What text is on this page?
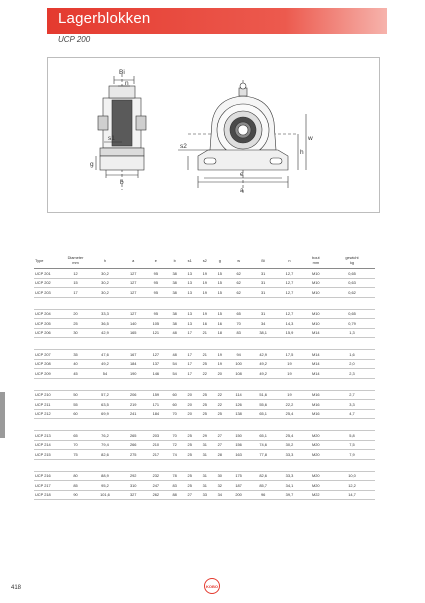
Lagerblokken
UCP 200
Bi
n
s1
g
b
s2
h
w
e
a
Type	Diameter
mm	h	a	e	b	s1	s2	g	w	Bi	n	bout
mm	gewicht
kg
UCP 201	12	30,2	127	95	38	13	19	15	62	31	12,7	M10	0,65
UCP 202	15	30,2	127	95	38	13	19	15	62	31	12,7	M10	0,63
UCP 203	17	30,2	127	95	38	13	19	15	62	31	12,7	M10	0,62

UCP 204	20	33,3	127	95	38	13	19	15	65	31	12,7	M10	0,65
UCP 205	25	36,5	140	105	38	13	16	16	70	34	14,3	M10	0,79
UCP 206	30	42,9	165	121	48	17	21	18	83	38,1	15,9	M14	1,3

UCP 207	35	47,6	167	127	48	17	21	19	94	42,9	17,5	M14	1,6
UCP 208	40	49,2	184	137	54	17	25	19	100	49,2	19	M14	2,0
UCP 209	45	54	190	146	54	17	22	20	108	49,2	19	M14	2,3

UCP 210	50	57,2	206	159	60	20	25	22	114	51,6	19	M16	2,7
UCP 211	55	63,5	219	171	60	20	25	22	126	55,6	22,2	M16	3,3
UCP 212	60	69,9	241	184	70	20	25	25	138	65,1	25,4	M16	4,7

UCP 213	65	76,2	265	203	70	25	29	27	150	65,1	25,4	M20	5,8
UCP 214	70	79,4	266	210	72	25	31	27	156	74,6	30,2	M20	7,5
UCP 215	75	82,6	275	217	74	25	31	28	163	77,8	33,3	M20	7,9

UCP 216	80	88,9	292	232	78	25	31	30	175	82,6	33,3	M20	10,0
UCP 217	85	95,2	310	247	83	25	31	32	187	85,7	34,1	M20	12,2
UCP 218	90	101,6	327	262	88	27	33	34	200	96	39,7	M22	14,7
418	KOBO
